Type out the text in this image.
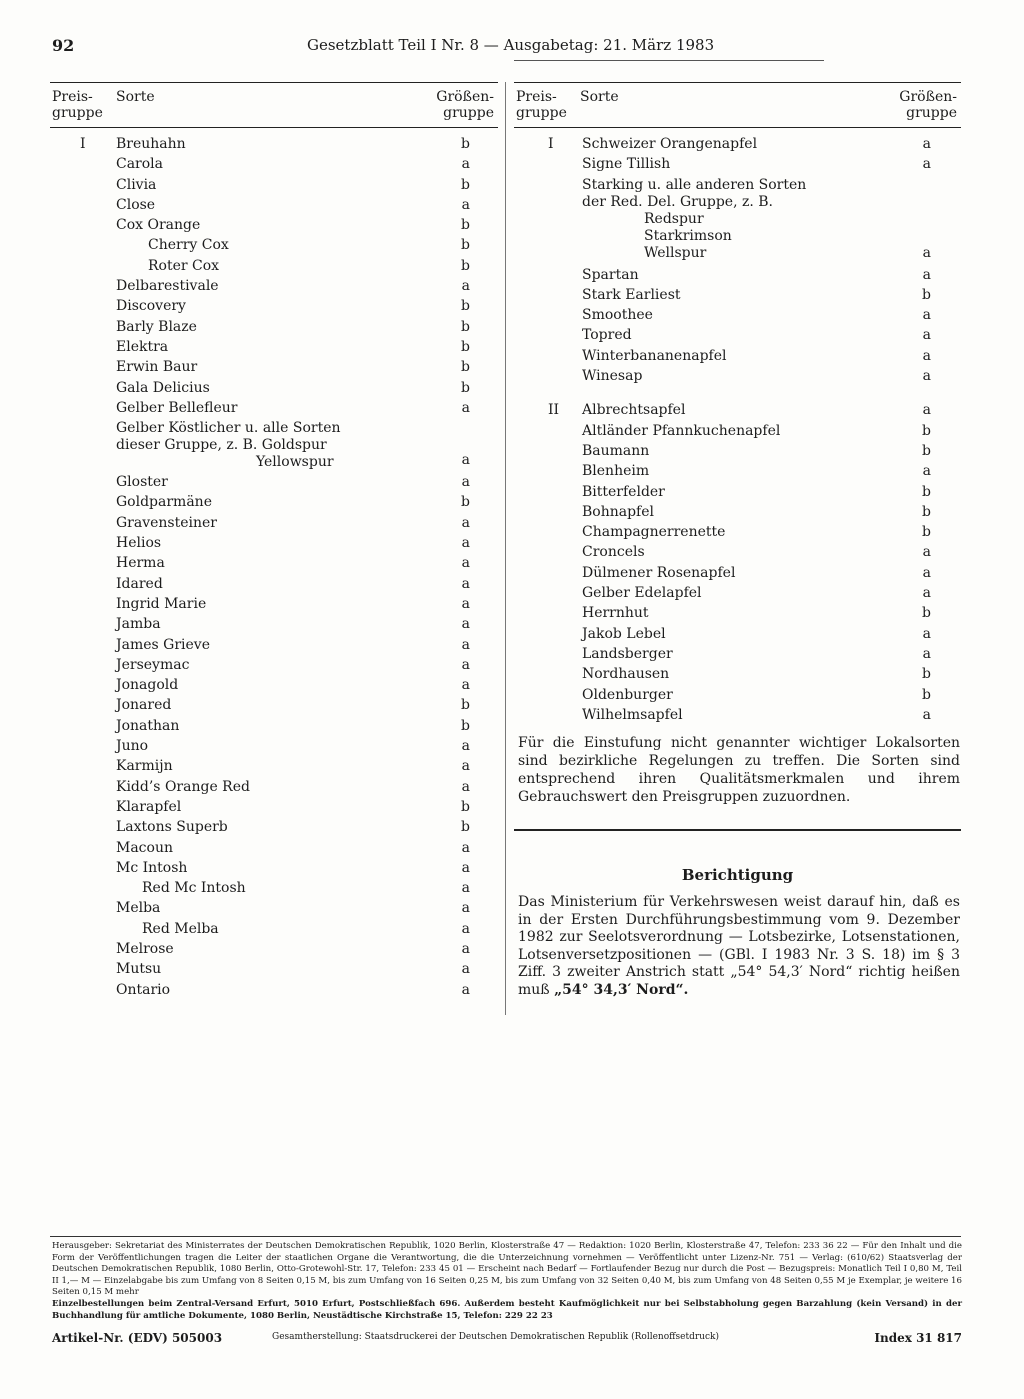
92	Gesetzblatt Teil I Nr. 8 — Ausgabetag: 21. März 1983
Preis-
gruppe
Sorte	Größen-
gruppe
I Breuhahn	b
Carola	a
Clivia	b
Close	a
Cox Orange	b
Cherry Cox	b
Roter Cox	b
Delbarestivale	a
Discovery	b
Barly Blaze	b
Elektra	b
Erwin Baur	b
Gala Delicius	b
Gelber Bellefleur	a
Gelber Köstlicher u. alle Sorten
dieser Gruppe, z. B. Goldspur
Yellowspur	a
Gloster	a
Goldparmäne	b
Gravensteiner	a
Helios	a
Herma	a
Idared	a
Ingrid Marie	a
Jamba	a
James Grieve	a
Jerseymac	a
Jonagold	a
Jonared	b
Jonathan	b
Juno	a
Karmijn	a
Kidd’s Orange Red	a
Klarapfel	b
Laxtons Superb	b
Macoun	a
Mc Intosh	a
Red Mc Intosh	a
Melba	a
Red Melba	a
Melrose	a
Mutsu	a
Ontario	a
Preis-
gruppe
Sorte	Größen-
gruppe
I Schweizer Orangenapfel	a
Signe Tillish	a
Starking u. alle anderen Sorten
der Red. Del. Gruppe, z. B.
Redspur
Starkrimson
Wellspur	a
Spartan	a
Stark Earliest	b
Smoothee	a
Topred	a
Winterbananenapfel	a
Winesap	a
II Albrechtsapfel	a
Altländer Pfannkuchenapfel	b
Baumann	b
Blenheim	a
Bitterfelder	b
Bohnapfel	b
Champagnerrenette	b
Croncels	a
Dülmener Rosenapfel	a
Gelber Edelapfel	a
Herrnhut	b
Jakob Lebel	a
Landsberger	a
Nordhausen	b
Oldenburger	b
Wilhelmsapfel	a
Für die Einstufung nicht genannter wichtiger Lokalsorten sind bezirkliche Regelungen zu treffen. Die Sorten sind entsprechend ihren Qualitätsmerkmalen und ihrem Gebrauchswert den Preisgruppen zuzuordnen.
Berichtigung
Das Ministerium für Verkehrswesen weist darauf hin, daß es in der Ersten Durchführungsbestimmung vom 9. Dezember 1982 zur Seelotsverordnung — Lotsbezirke, Lotsenstationen, Lotsenversetzpositionen — (GBl. I 1983 Nr. 3 S. 18) im § 3 Ziff. 3 zweiter Anstrich statt „54° 54,3′ Nord“ richtig heißen muß „54° 34,3′ Nord“.
Herausgeber: Sekretariat des Ministerrates der Deutschen Demokratischen Republik, 1020 Berlin, Klosterstraße 47 — Redaktion: 1020 Berlin, Klosterstraße 47, Telefon: 233 36 22 — Für den Inhalt und die Form der Veröffentlichungen tragen die Leiter der staatlichen Organe die Verantwortung, die die Unterzeichnung vornehmen — Veröffentlicht unter Lizenz-Nr. 751 — Verlag: (610/62) Staatsverlag der Deutschen Demokratischen Republik, 1080 Berlin, Otto-Grotewohl-Str. 17, Telefon: 233 45 01 — Erscheint nach Bedarf — Fortlaufender Bezug nur durch die Post — Bezugspreis: Monatlich Teil I 0,80 M, Teil II 1,— M — Einzelabgabe bis zum Umfang von 8 Seiten 0,15 M, bis zum Umfang von 16 Seiten 0,25 M, bis zum Umfang von 32 Seiten 0,40 M, bis zum Umfang von 48 Seiten 0,55 M je Exemplar, je weitere 16 Seiten 0,15 M mehr
Einzelbestellungen beim Zentral-Versand Erfurt, 5010 Erfurt, Postschließfach 696. Außerdem besteht Kaufmöglichkeit nur bei Selbstabholung gegen Barzahlung (kein Versand) in der Buchhandlung für amtliche Dokumente, 1080 Berlin, Neustädtische Kirchstraße 15, Telefon: 229 22 23
Artikel-Nr. (EDV) 505003	Gesamtherstellung: Staatsdruckerei der Deutschen Demokratischen Republik (Rollenoffsetdruck)	Index 31 817
